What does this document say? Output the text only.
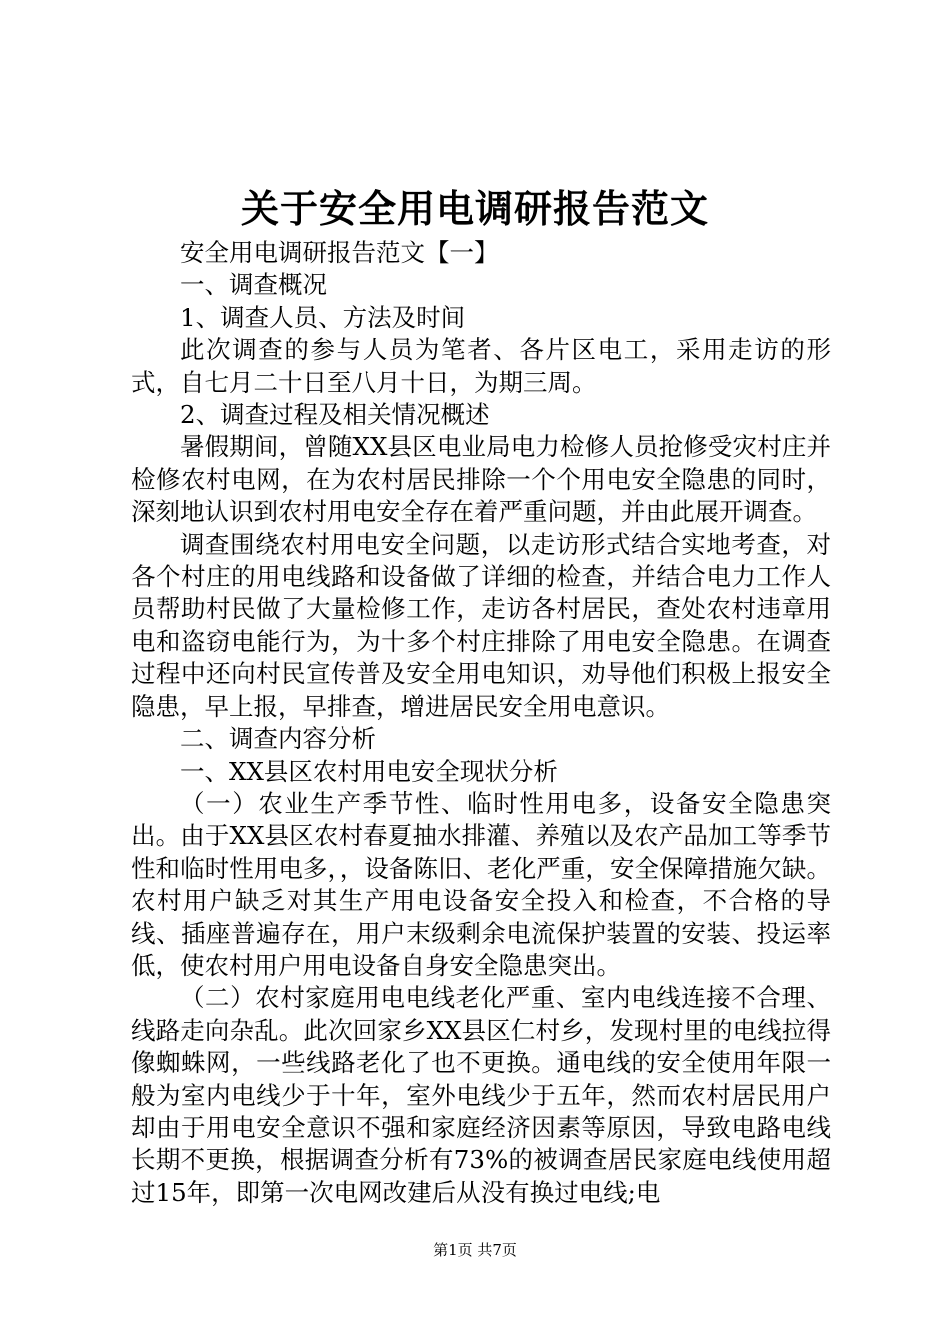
关于安全用电调研报告范文

安全用电调研报告范文【一】

一、调查概况

1、调查人员、方法及时间

此次调查的参与人员为笔者、各片区电工，采用走访的形式，自七月二十日至八月十日，为期三周。

2、调查过程及相关情况概述

暑假期间，曾随XX县区电业局电力检修人员抢修受灾村庄并检修农村电网，在为农村居民排除一个个用电安全隐患的同时，深刻地认识到农村用电安全存在着严重问题，并由此展开调查。

调查围绕农村用电安全问题，以走访形式结合实地考查，对各个村庄的用电线路和设备做了详细的检查，并结合电力工作人员帮助村民做了大量检修工作，走访各村居民，查处农村违章用电和盗窃电能行为，为十多个村庄排除了用电安全隐患。在调查过程中还向村民宣传普及安全用电知识，劝导他们积极上报安全隐患，早上报，早排查，增进居民安全用电意识。

二、调查内容分析

一、XX县区农村用电安全现状分析

（一）农业生产季节性、临时性用电多，设备安全隐患突出。由于XX县区农村春夏抽水排灌、养殖以及农产品加工等季节性和临时性用电多，，设备陈旧、老化严重，安全保障措施欠缺。农村用户缺乏对其生产用电设备安全投入和检查，不合格的导线、插座普遍存在，用户末级剩余电流保护装置的安装、投运率低，使农村用户用电设备自身安全隐患突出。

（二）农村家庭用电电线老化严重、室内电线连接不合理、线路走向杂乱。此次回家乡XX县区仁村乡，发现村里的电线拉得像蜘蛛网，一些线路老化了也不更换。通电线的安全使用年限一般为室内电线少于十年，室外电线少于五年，然而农村居民用户却由于用电安全意识不强和家庭经济因素等原因，导致电路电线长期不更换，根据调查分析有73%的被调查居民家庭电线使用超过15年，即第一次电网改建后从没有换过电线;电

第1页 共7页
